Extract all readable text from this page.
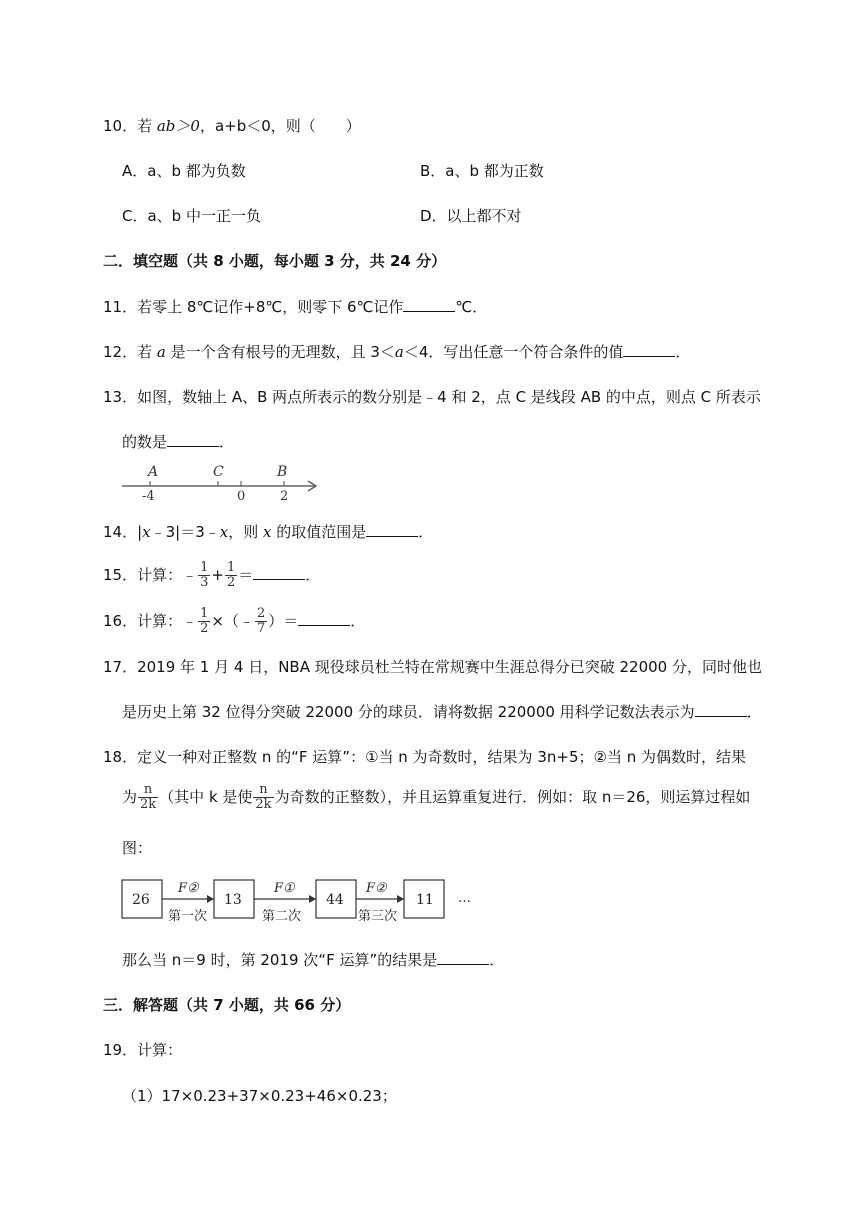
10．若 ab＞0，a+b＜0，则（　　）
A．a、b 都为负数	B．a、b 都为正数
C．a、b 中一正一负	D．以上都不对
二．填空题（共 8 小题，每小题 3 分，共 24 分）
11．若零上 8℃记作+8℃，则零下 6℃记作	℃．
12．若 a 是一个含有根号的无理数，且 3＜a＜4．写出任意一个符合条件的值	．
13．如图，数轴上 A、B 两点所表示的数分别是﹣4 和 2，点 C 是线段 AB 的中点，则点 C 所表示
的数是	．
A	C	B
-4	0	2
14．|x﹣3|＝3﹣x，则 x 的取值范围是	．
15．计算：﹣ $\frac{1}{3} + \frac{1}{2}$ ＝	．
16．计算：﹣ $\frac{1}{2}$ ×（﹣ $\frac{2}{7}$ ）＝	．
17．2019 年 1 月 4 日，NBA 现役球员杜兰特在常规赛中生涯总得分已突破 22000 分，同时他也
是历史上第 32 位得分突破 22000 分的球员．请将数据 220000 用科学记数法表示为	．
18．定义一种对正整数 n 的“F 运算”：①当 n 为奇数时，结果为 3n+5；②当 n 为偶数时，结果
为 $\frac{n}{2k}$ （其中 k 是使 $\frac{n}{2k}$ 为奇数的正整数），并且运算重复进行．例如：取 n＝26，则运算过程如
图：
26	13	44	11
F②	F①	F②
第一次	第二次	第三次
…
那么当 n＝9 时，第 2019 次“F 运算”的结果是	．
三．解答题（共 7 小题，共 66 分）
19．计算：
（1）17×0.23+37×0.23+46×0.23；
